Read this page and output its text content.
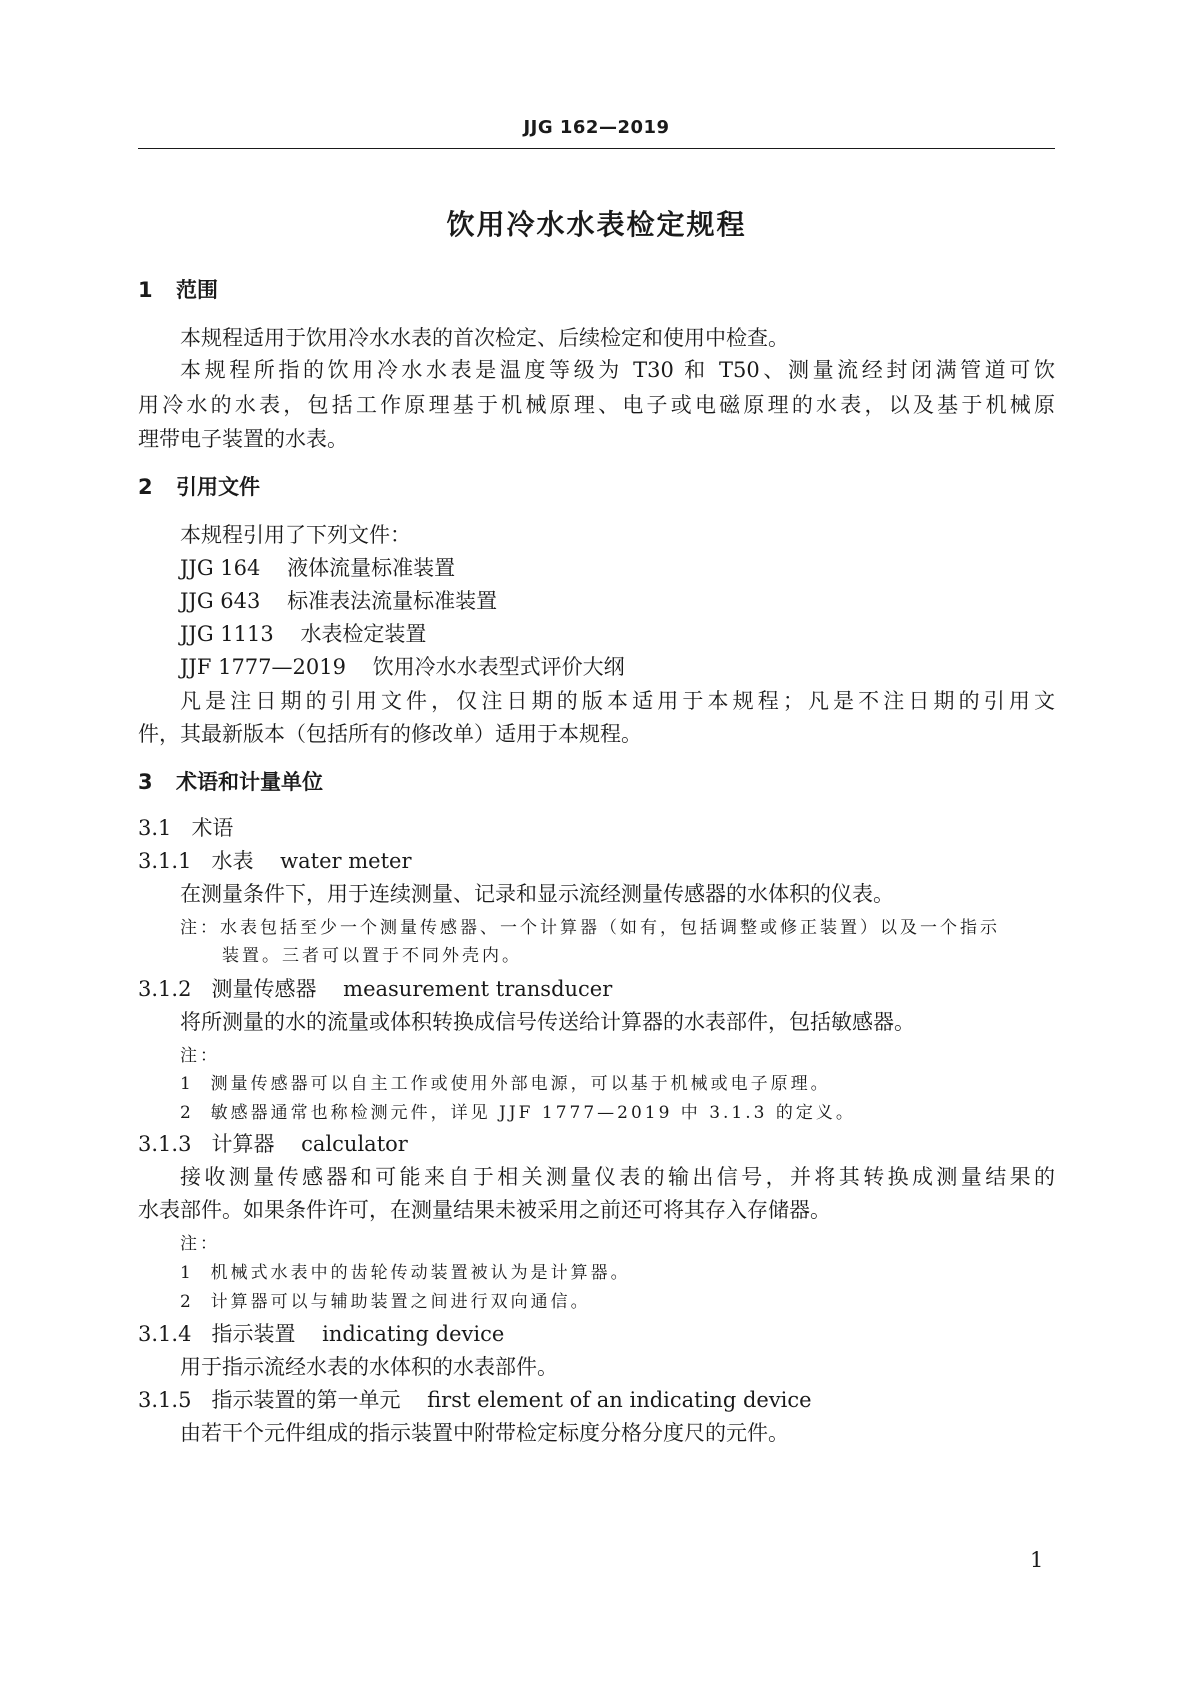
JJG 162—2019
饮用冷水水表检定规程
1 范围
本规程适用于饮用冷水水表的首次检定、后续检定和使用中检查。
本规程所指的饮用冷水水表是温度等级为 T30 和 T50、测量流经封闭满管道可饮
用冷水的水表，包括工作原理基于机械原理、电子或电磁原理的水表，以及基于机械原
理带电子装置的水表。
2 引用文件
本规程引用了下列文件：
JJG 164 液体流量标准装置
JJG 643 标准表法流量标准装置
JJG 1113 水表检定装置
JJF 1777—2019 饮用冷水水表型式评价大纲
凡是注日期的引用文件，仅注日期的版本适用于本规程；凡是不注日期的引用文
件，其最新版本（包括所有的修改单）适用于本规程。
3 术语和计量单位
3.1 术语
3.1.1 水表 water meter
在测量条件下，用于连续测量、记录和显示流经测量传感器的水体积的仪表。
注：水表包括至少一个测量传感器、一个计算器（如有，包括调整或修正装置）以及一个指示
装置。三者可以置于不同外壳内。
3.1.2 测量传感器 measurement transducer
将所测量的水的流量或体积转换成信号传送给计算器的水表部件，包括敏感器。
注：
1 测量传感器可以自主工作或使用外部电源，可以基于机械或电子原理。
2 敏感器通常也称检测元件，详见 JJF 1777—2019 中 3.1.3 的定义。
3.1.3 计算器 calculator
接收测量传感器和可能来自于相关测量仪表的输出信号，并将其转换成测量结果的
水表部件。如果条件许可，在测量结果未被采用之前还可将其存入存储器。
注：
1 机械式水表中的齿轮传动装置被认为是计算器。
2 计算器可以与辅助装置之间进行双向通信。
3.1.4 指示装置 indicating device
用于指示流经水表的水体积的水表部件。
3.1.5 指示装置的第一单元 first element of an indicating device
由若干个元件组成的指示装置中附带检定标度分格分度尺的元件。
1
